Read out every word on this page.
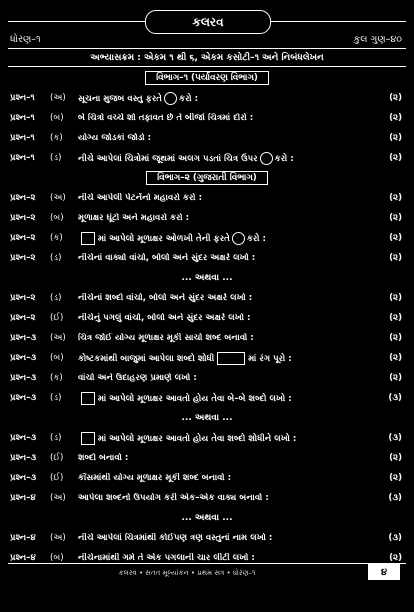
કલરવ
ધોરણ–૧	કુલ ગુણ–૪૦
અભ્યાસક્રમ : એકમ ૧ થી ૬, એકમ કસોટી–૧ અને નિબંધલેખન
વિભાગ–૧ (પર્યાવરણ વિભાગ)
પ્રશ્ન–૧	(અ)	સૂચના મુજબ વસ્તુ ફરતે કરો :	(૨)
પ્રશ્ન–૧	(બ)	બે ચિત્રો વચ્ચે શો તફાવત છે તે બીજાં ચિત્રમાં દોરો :	(૨)
પ્રશ્ન–૧	(ક)	યોગ્ય જોડકાં જોડો :	(૨)
પ્રશ્ન–૧	(ડ)	નીચે આપેલાં ચિત્રોમાં જૂથમાં અલગ પડતાં ચિત્ર ઉપર કરો :	(૨)
વિભાગ–૨ (ગુજરાતી વિભાગ)
પ્રશ્ન–૨	(અ)	નીચે આપેલી પેટર્નનો મહાવરો કરો :	(૨)
પ્રશ્ન–૨	(બ)	મૂળાક્ષર ઘૂંટો અને મહાવરો કરો :	(૨)
પ્રશ્ન–૨	(ક)	માં આપેલો મૂળાક્ષર ઓળખી તેની ફરતે કરો :	(૨)
પ્રશ્ન–૨	(ડ)	નીચેનાં વાક્યો વાંચો, બોલો અને સુંદર અક્ષરે લખો :	(૨)
... અથવા ...
પ્રશ્ન–૨	(ડ)	નીચેનાં શબ્દો વાંચો, બોલો અને સુંદર અક્ષરે લખો :	(૨)
પ્રશ્ન–૨	(ઈ)	નીચેનું પગલું વાંચો, બોલો અને સુંદર અક્ષરે લખો :	(૨)
પ્રશ્ન–૩	(અ)	ચિત્ર જોઈ યોગ્ય મૂળાક્ષર મૂકી સાચો શબ્દ બનાવો :	(૨)
પ્રશ્ન–૩	(બ)	કોષ્ટકમાંથી બાજુમાં આપેલા શબ્દો શોધી	માં રંગ પૂરો :	(૨)
પ્રશ્ન–૩	(ક)	વાંચો અને ઉદાહરણ પ્રમાણે લખો :	(૨)
પ્રશ્ન–૩	(ડ)	માં આપેલો મૂળાક્ષર આવતો હોય તેવા બે–બે શબ્દો લખો :	(૩)
... અથવા ...
પ્રશ્ન–૩	(ડ)	માં આપેલો મૂળાક્ષર આવતો હોય તેવા શબ્દો શોધીને લખો :	(૩)
પ્રશ્ન–૩	(ઈ)	શબ્દો બનાવો :	(૨)
પ્રશ્ન–૩	(ઈ)	કૌંસમાંથી યોગ્ય મૂળાક્ષર મૂકી શબ્દ બનાવો :	(૨)
પ્રશ્ન–૪	(અ)	આપેલા શબ્દનો ઉપયોગ કરી એક–એક વાક્ય બનાવો :	(૩)
... અથવા ...
પ્રશ્ન–૪	(અ)	નીચે આપેલાં ચિત્રમાંથી કોઈપણ ત્રણ વસ્તુનાં નામ લખો :	(૩)
પ્રશ્ન–૪	(બ)	નીચેનામાંથી ગમે તે એક પગલાની ચાર લીટી લખો :	(૨)
કલરવ • સતત મૂલ્યાંકન • પ્રથમ સત્ર • ધોરણ–૧	૪
